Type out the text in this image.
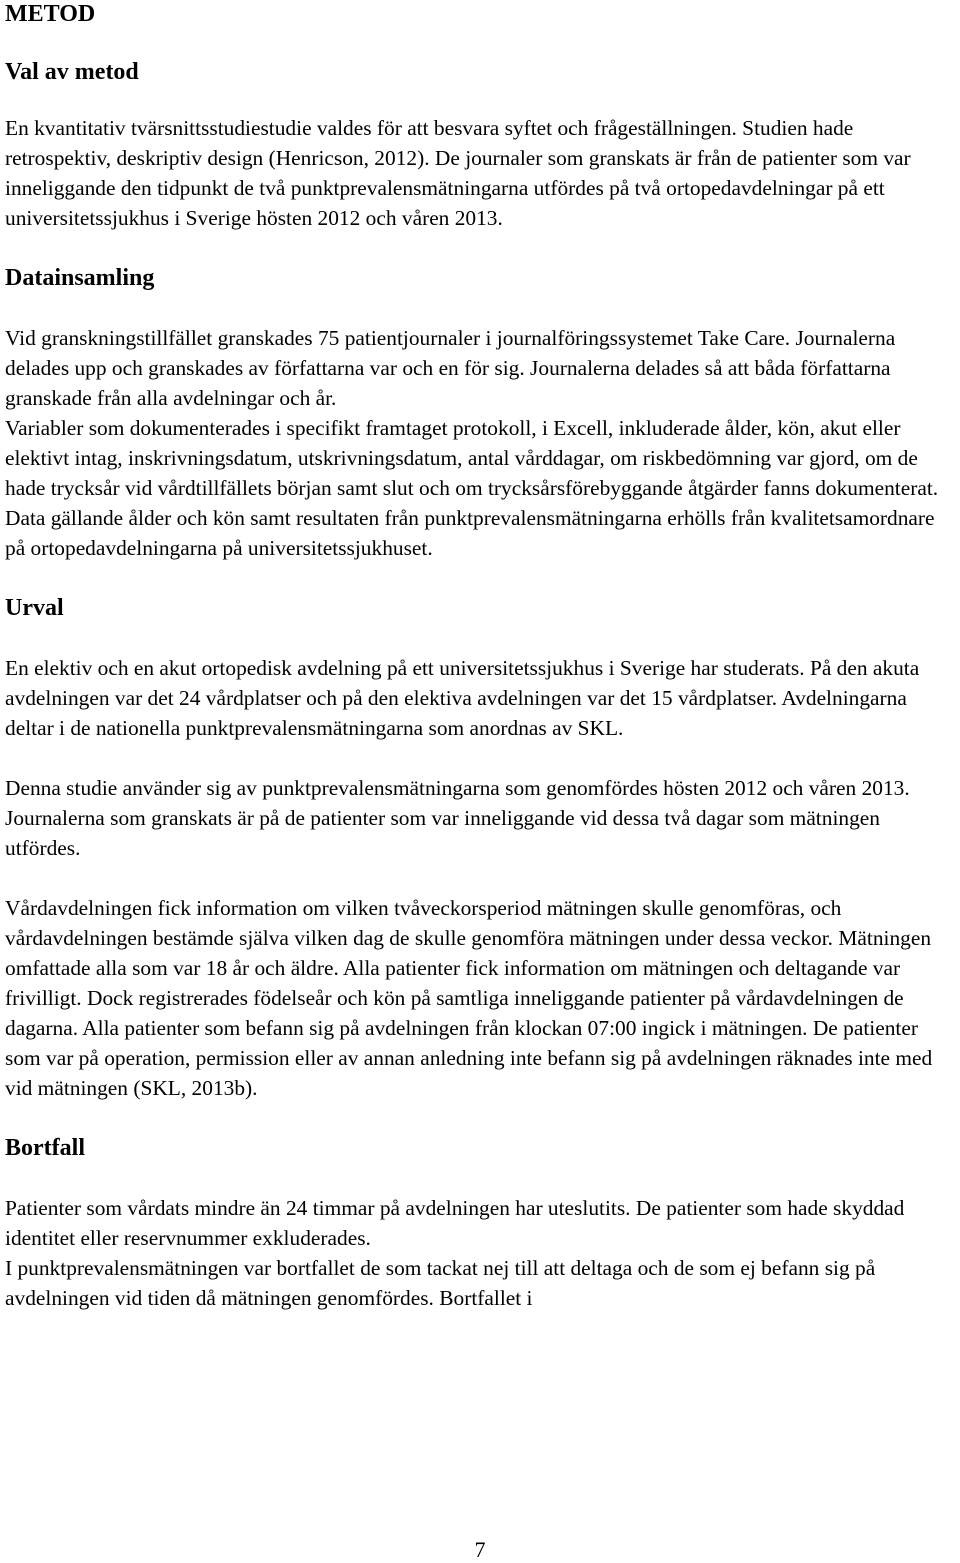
METOD
Val av metod

En kvantitativ tvärsnittsstudiestudie valdes för att besvara syftet och frågeställningen. Studien hade retrospektiv, deskriptiv design (Henricson, 2012). De journaler som granskats är från de patienter som var inneliggande den tidpunkt de två punktprevalensmätningarna utfördes på två ortopedavdelningar på ett universitetssjukhus i Sverige hösten 2012 och våren 2013.

Datainsamling

Vid granskningstillfället granskades 75 patientjournaler i journalföringssystemet Take Care. Journalerna delades upp och granskades av författarna var och en för sig. Journalerna delades så att båda författarna granskade från alla avdelningar och år.

Variabler som dokumenterades i specifikt framtaget protokoll, i Excell, inkluderade ålder, kön, akut eller elektivt intag, inskrivningsdatum, utskrivningsdatum, antal vårddagar, om riskbedömning var gjord, om de hade trycksår vid vårdtillfällets början samt slut och om trycksårsförebyggande åtgärder fanns dokumenterat. Data gällande ålder och kön samt resultaten från punktprevalensmätningarna erhölls från kvalitetsamordnare på ortopedavdelningarna på universitetssjukhuset.

Urval

En elektiv och en akut ortopedisk avdelning på ett universitetssjukhus i Sverige har studerats. På den akuta avdelningen var det 24 vårdplatser och på den elektiva avdelningen var det 15 vårdplatser. Avdelningarna deltar i de nationella punktprevalensmätningarna som anordnas av SKL.

Denna studie använder sig av punktprevalensmätningarna som genomfördes hösten 2012 och våren 2013. Journalerna som granskats är på de patienter som var inneliggande vid dessa två dagar som mätningen utfördes.

Vårdavdelningen fick information om vilken tvåveckorsperiod mätningen skulle genomföras, och vårdavdelningen bestämde själva vilken dag de skulle genomföra mätningen under dessa veckor. Mätningen omfattade alla som var 18 år och äldre. Alla patienter fick information om mätningen och deltagande var frivilligt. Dock registrerades födelseår och kön på samtliga inneliggande patienter på vårdavdelningen de dagarna. Alla patienter som befann sig på avdelningen från klockan 07:00 ingick i mätningen. De patienter som var på operation, permission eller av annan anledning inte befann sig på avdelningen räknades inte med vid mätningen (SKL, 2013b).

Bortfall

Patienter som vårdats mindre än 24 timmar på avdelningen har uteslutits. De patienter som hade skyddad identitet eller reservnummer exkluderades.

I punktprevalensmätningen var bortfallet de som tackat nej till att deltaga och de som ej befann sig på avdelningen vid tiden då mätningen genomfördes. Bortfallet i

7
